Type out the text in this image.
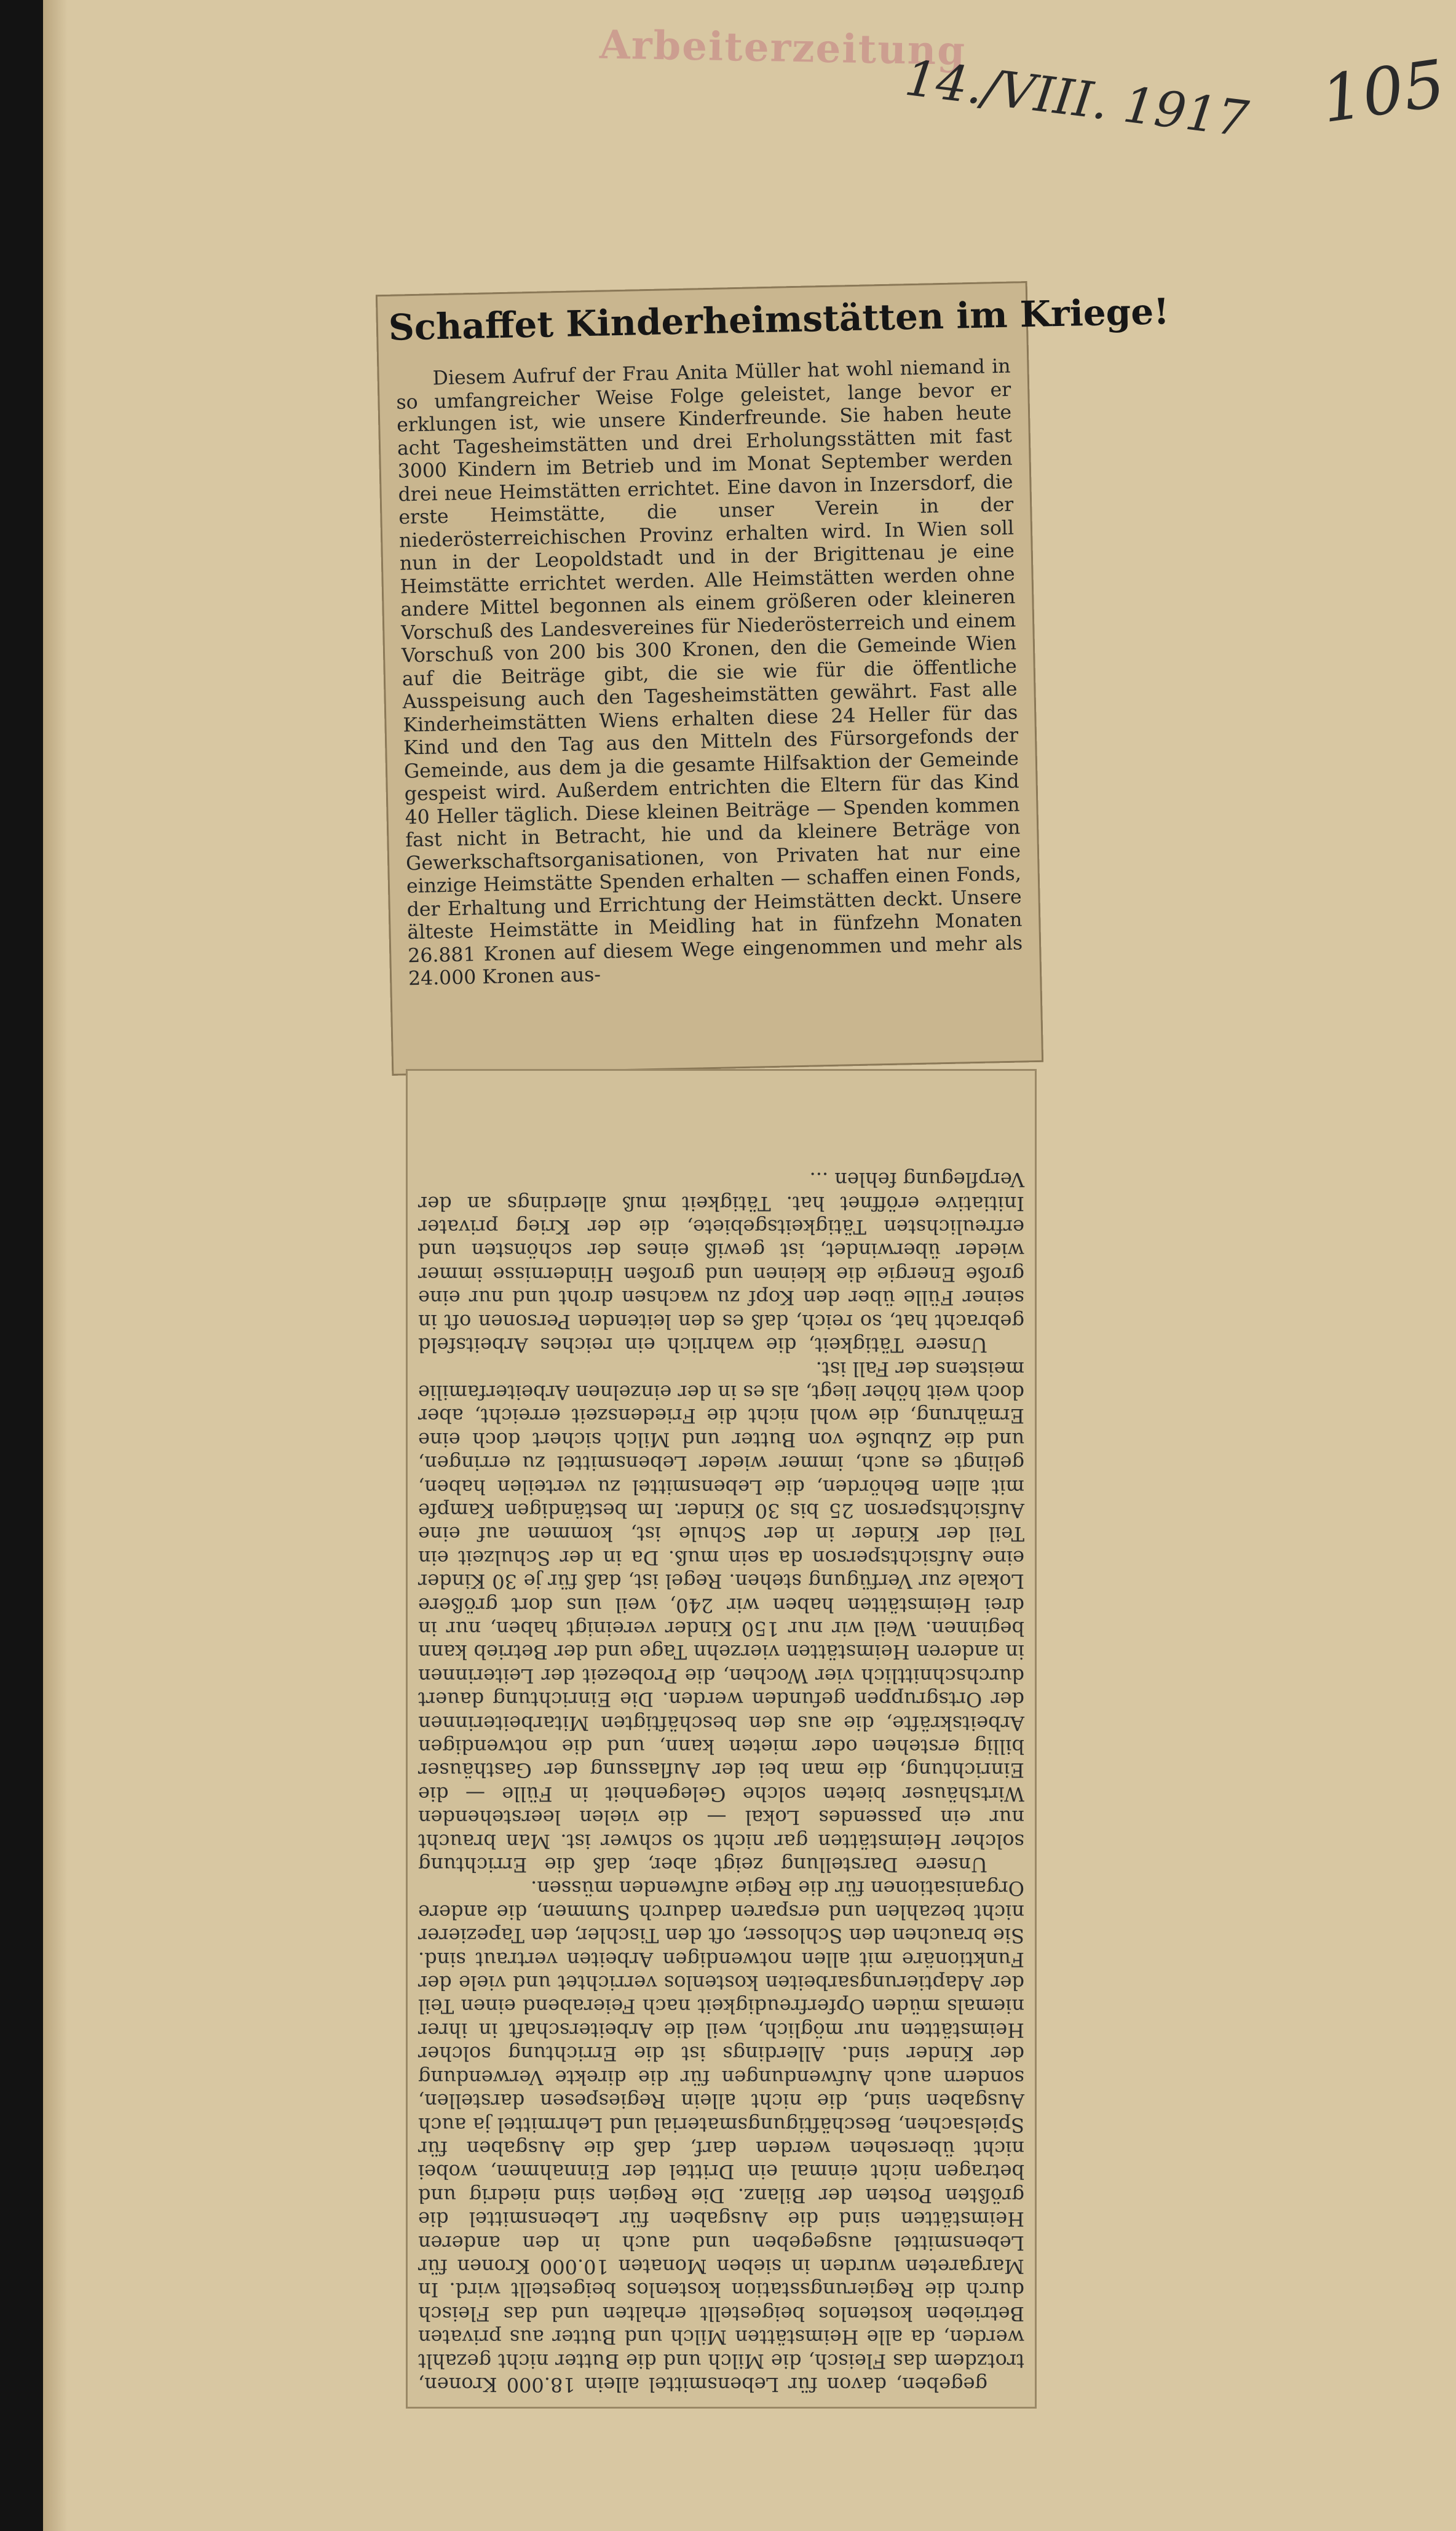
Arbeiterzeitung
14./VIII. 1917 105
Schaffet Kinderheimstätten im Kriege!
Diesem Aufruf der Frau Anita Müller hat wohl niemand in so umfangreicher Weise Folge geleistet, lange bevor er erklungen ist, wie unsere Kinderfreunde. Sie haben heute acht Tagesheimstätten und drei Erholungsstätten mit fast 3000 Kindern im Betrieb und im Monat September werden drei neue Heimstätten errichtet. Eine davon in Inzersdorf, die erste Heimstätte, die unser Verein in der niederösterreichischen Provinz erhalten wird. In Wien soll nun in der Leopoldstadt und in der Brigittenau je eine Heimstätte errichtet werden. Alle Heimstätten werden ohne andere Mittel begonnen als einem größeren oder kleineren Vorschuß des Landesvereines für Niederösterreich und einem Vorschuß von 200 bis 300 Kronen, den die Gemeinde Wien auf die Beiträge gibt, die sie wie für die öffentliche Ausspeisung auch den Tagesheimstätten gewährt. Fast alle Kinderheimstätten Wiens erhalten diese 24 Heller für das Kind und den Tag aus den Mitteln des Fürsorgefonds der Gemeinde, aus dem ja die gesamte Hilfsaktion der Gemeinde gespeist wird. Außerdem entrichten die Eltern für das Kind 40 Heller täglich. Diese kleinen Beiträge — Spenden kommen fast nicht in Betracht, hie und da kleinere Beträge von Gewerkschaftsorganisationen, von Privaten hat nur eine einzige Heimstätte Spenden erhalten — schaffen einen Fonds, der Erhaltung und Errichtung der Heimstätten deckt. Unsere älteste Heimstätte in Meidling hat in fünfzehn Monaten 26.881 Kronen auf diesem Wege eingenommen und mehr als 24.000 Kronen aus-

gegeben, davon für Lebensmittel allein 18.000 Kronen, trotzdem das Fleisch, die Milch und die Butter nicht gezahlt werden, da alle Heimstätten Milch und Butter aus privaten Betrieben kostenlos beigestellt erhalten und das Fleisch durch die Regierungsstation kostenlos beigestellt wird. In Margareten wurden in sieben Monaten 10.000 Kronen für Lebensmittel ausgegeben und auch in den anderen Heimstätten sind die Ausgaben für Lebensmittel die größten Posten der Bilanz. Die Regien sind niedrig und betragen nicht einmal ein Drittel der Einnahmen, wobei nicht übersehen werden darf, daß die Ausgaben für Spielsachen, Beschäftigungsmaterial und Lehrmittel ja auch Ausgaben sind, die nicht allein Regiespesen darstellen, sondern auch Aufwendungen für die direkte Verwendung der Kinder sind. Allerdings ist die Errichtung solcher Heimstätten nur möglich, weil die Arbeiterschaft in ihrer niemals müden Opferfreudigkeit nach Feierabend einen Teil der Adaptierungsarbeiten kostenlos verrichtet und viele der Funktionäre mit allen notwendigen Arbeiten vertraut sind. Sie brauchen den Schlosser, oft den Tischler, den Tapezierer nicht bezahlen und ersparen dadurch Summen, die andere Organisationen für die Regie aufwenden müssen.

Unsere Darstellung zeigt aber, daß die Errichtung solcher Heimstätten gar nicht so schwer ist. Man braucht nur ein passendes Lokal — die vielen leerstehenden Wirtshäuser bieten solche Gelegenheit in Fülle — die Einrichtung, die man bei der Auflassung der Gasthäuser billig erstehen oder mieten kann, und die notwendigen Arbeitskräfte, die aus den beschäftigten Mitarbeiterinnen der Ortsgruppen gefunden werden. Die Einrichtung dauert durchschnittlich vier Wochen, die Probezeit der Leiterinnen in anderen Heimstätten vierzehn Tage und der Betrieb kann beginnen. Weil wir nur 150 Kinder vereinigt haben, nur in drei Heimstätten haben wir 240, weil uns dort größere Lokale zur Verfügung stehen. Regel ist, daß für je 30 Kinder eine Aufsichtsperson da sein muß. Da in der Schulzeit ein Teil der Kinder in der Schule ist, kommen auf eine Aufsichtsperson 25 bis 30 Kinder. Im beständigen Kampfe mit allen Behörden, die Lebensmittel zu verteilen haben, gelingt es auch, immer wieder Lebensmittel zu erringen, und die Zubuße von Butter und Milch sichert doch eine Ernährung, die wohl nicht die Friedenszeit erreicht, aber doch weit höher liegt, als es in der einzelnen Arbeiterfamilie meistens der Fall ist.

Unsere Tätigkeit, die wahrlich ein reiches Arbeitsfeld gebracht hat, so reich, daß es den leitenden Personen oft in seiner Fülle über den Kopf zu wachsen droht und nur eine große Energie die kleinen und großen Hindernisse immer wieder überwindet, ist gewiß eines der schönsten und erfreulichsten Tätigkeitsgebiete, die der Krieg privater Initiative eröffnet hat. Tätigkeit muß allerdings an der Verpflegung fehlen ...
